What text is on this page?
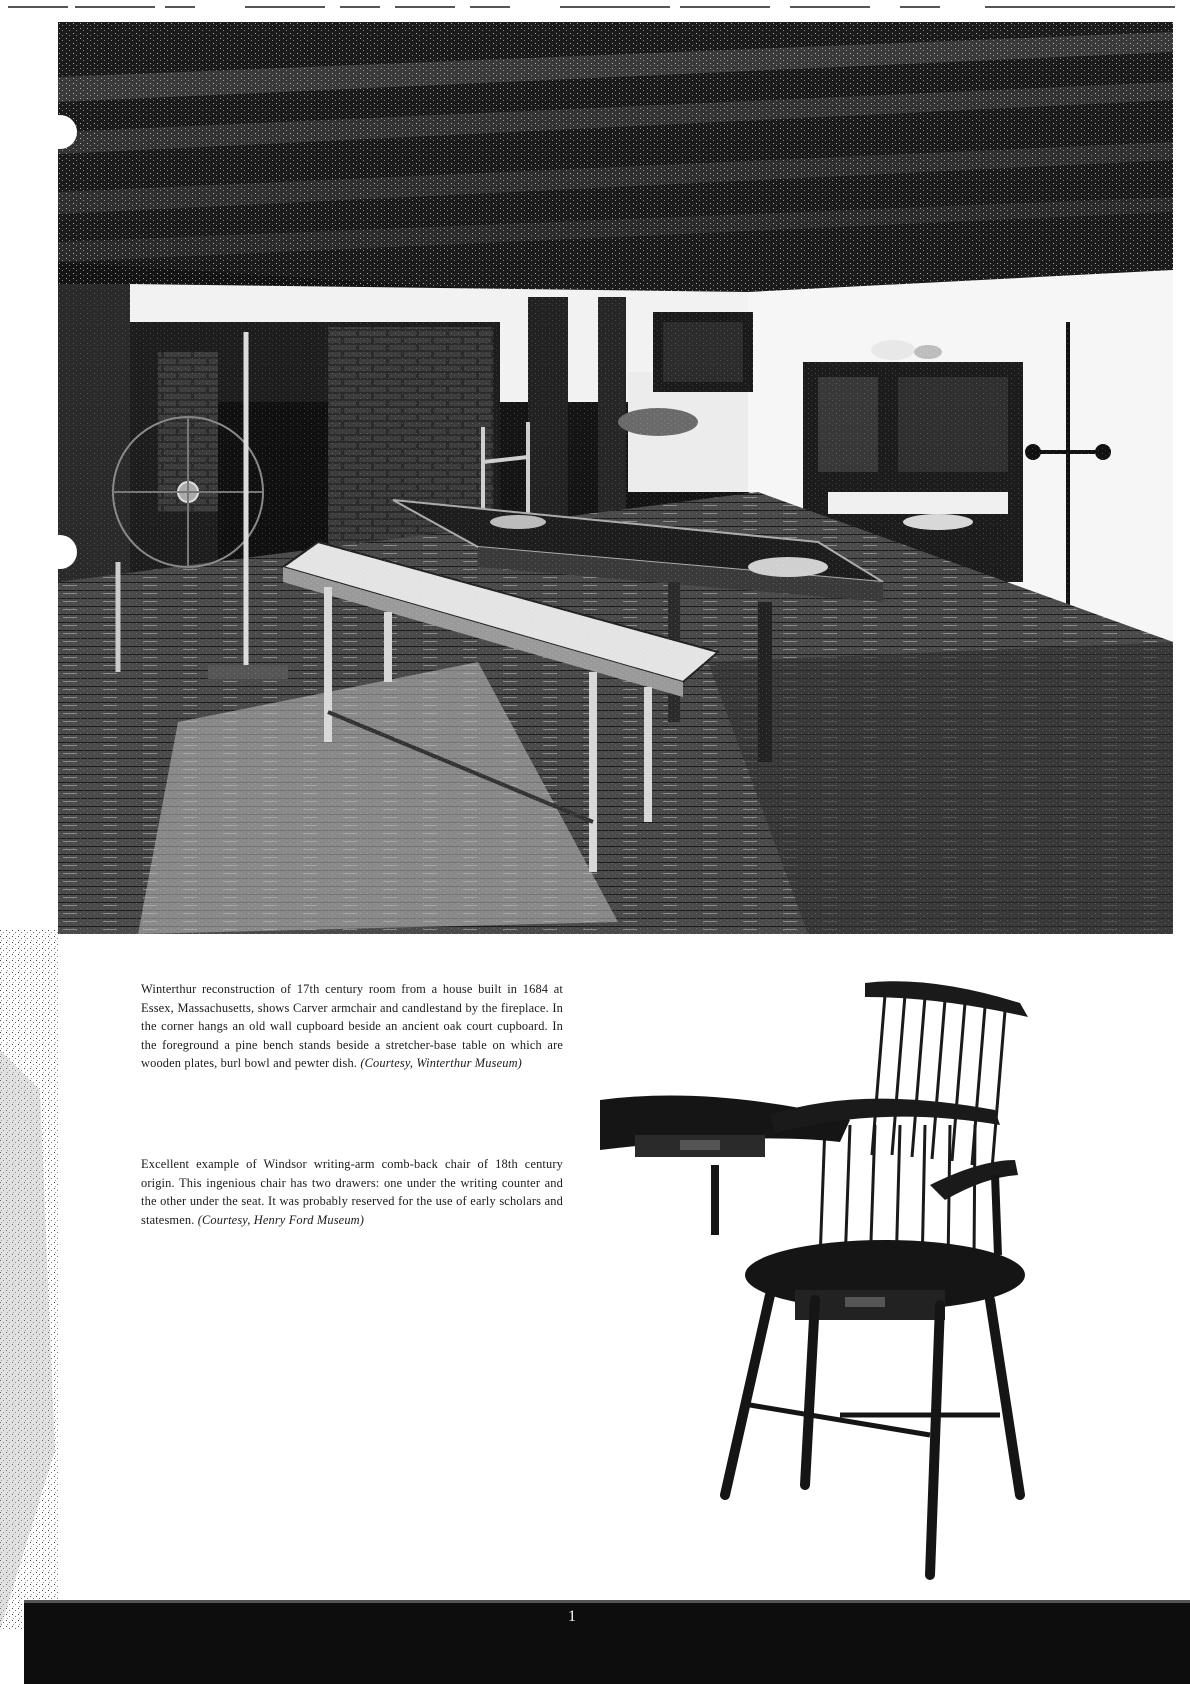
Winterthur reconstruction of 17th century room from a house built in 1684 at Essex, Massachusetts, shows Carver armchair and candlestand by the fireplace. In the corner hangs an old wall cupboard beside an ancient oak court cupboard. In the foreground a pine bench stands beside a stretcher-base table on which are wooden plates, burl bowl and pewter dish. (Courtesy, Winterthur Museum)

Excellent example of Windsor writing-arm comb-back chair of 18th century origin. This ingenious chair has two drawers: one under the writing counter and the other under the seat. It was probably reserved for the use of early scholars and statesmen. (Courtesy, Henry Ford Museum)

1
